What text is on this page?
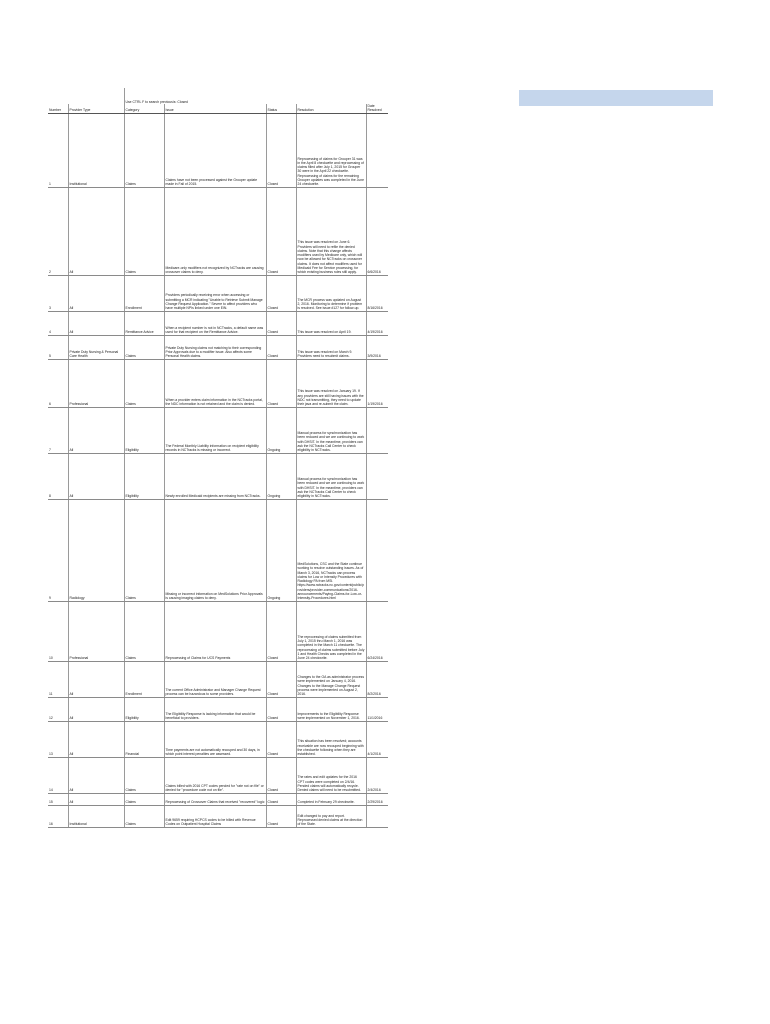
		Use CTRL F to search previous\s: Closed				
Number	Provider Type	Category	Issue	Status	Resolution	Date Resolved
1	Institutional	Claims	Claims have not been processed against the Grouper update made in Fall of 2015.	Closed	Reprocessing of claims for Grouper 31 was in the April 8 checkwrite and reprocessing of claims filled after July 1, 2015 for Grouper 30 were in the April 22 checkwrite. Reprocessing of claims for the remaining Grouper updates was completed in the June 24 checkwrite.	
2	All	Claims	Medicare-only modifiers not recognized by NCTracks are causing crossover claims to deny.	Closed	This issue was resolved on June 6. Providers will need to refile the denied claims. Note that this change affects modifiers used by Medicare only, which will now be allowed for NCTracks on crossover claims. It does not affect modifiers used for Medicaid Fee for Service processing, for which existing business rules still apply.	6/6/2016
3	All	Enrollment	Providers periodically receiving error when accessing or submitting a MCR indicating "Unable to Retrieve Submit Manage Change Request Application." Severe to affect providers who have multiple NPIs linked under one EIN.	Closed	The MCR process was updated on August 2, 2016. Monitoring to determine if problem is resolved. See issue #127 for follow-up.	8/16/2016
4	All	Remittance Advice	When a recipient number is not in NCTracks, a default name was used for that recipient on the Remittance Advice.	Closed	This issue was resolved on April 19.	4/19/2016
5	Private Duty Nursing & Personal Care Health	Claims	Private Duty Nursing claims not matching to their corresponding Prior Approvals due to a modifier issue. Also affects some Personal Health claims.	Closed	This issue was resolved on March 9. Providers need to resubmit claims.	3/9/2016
6	Professional	Claims	When a provider enters claim information in the NCTracks portal, the NDC information is not retained and the claim is denied.	Closed	This issue was resolved on January 19. If any providers are still having issues with the NDC not transmitting, they need to update their java and re-submit the claim.	1/19/2016
7	All	Eligibility	The Federal Monthly Liability information on recipient eligibility records in NCTracks is missing or incorrect.	Ongoing	Manual process for synchronization has been reduced and we are continuing to work with DHSIT. In the meantime, providers can ask the NCTracks Call Center to check eligibility in NCTracks.	
8	All	Eligibility	Newly enrolled Medicaid recipients are missing from NCTracks.	Ongoing	Manual process for synchronization has been reduced and we are continuing to work with DHSIT. In the meantime, providers can ask the NCTracks Call Center to check eligibility in NCTracks.	
9	Radiology	Claims	Missing or incorrect information on MedSolutions Prior Approvals is causing imaging claims to deny.	Ongoing	MedSolutions, CSC and the State continue working to resolve outstanding issues. As of March 3, 2016, NCTracks can process claims for Low or Intensity Procedures with Radiology PA from MSI. https://www.nctracks.nc.gov/content/public/providers/provider-communications/2016-announcements/Paying-Claims-for-Low-or-Intensity-Procedures.html	
10	Professional	Claims	Reprocessing of Claims for UCS Payments	Closed	The reprocessing of claims submitted from July 1, 2015 thru March 1, 2016 was completed in the March 11 checkwrite. The reprocessing of claims submitted before July 1 and Health Checks was completed in the June 24 checkwrite.	6/24/2016
11	All	Enrollment	The current Office Administrator and Manager Change Request process can be hazardous to some providers.	Closed	Changes to the OA as administrator process were implemented on January 4, 2016. Changes to the Manage Change Request process were implemented on August 2, 2016.	8/2/2016
12	All	Eligibility	The Eligibility Response is lacking information that would be beneficial to providers.	Closed	Improvements to the Eligibility Response were implemented on November 1, 2016.	11/1/2016
13	All	Financial	Time payments are not automatically recouped and 30 days, in which point interest penalties are assessed.	Closed	This situation has been resolved; accounts receivable are now recouped beginning with the checkwrite following when they are established.	4/1/2016
14	All	Claims	Claims billed with 2016 CPT codes pended for "rate not on file" or denied for "procedure code not on file".	Closed	The rates and edit updates for the 2016 CPT codes were completed on 2/4/16. Pended claims will automatically recycle. Denied claims will need to be resubmitted.	2/4/2016
15	All	Claims	Reprocessing of Crossover Claims that received "recovered" logic	Closed	Completed in February 29 checkwrite.	2/29/2016
16	Institutional	Claims	Edit 9659 requiring HCPCS codes to be billed with Revenue Codes on Outpatient Hospital Claims	Closed	Edit changed to pay and report. Reprocessed denied claims at the direction of the State.	
